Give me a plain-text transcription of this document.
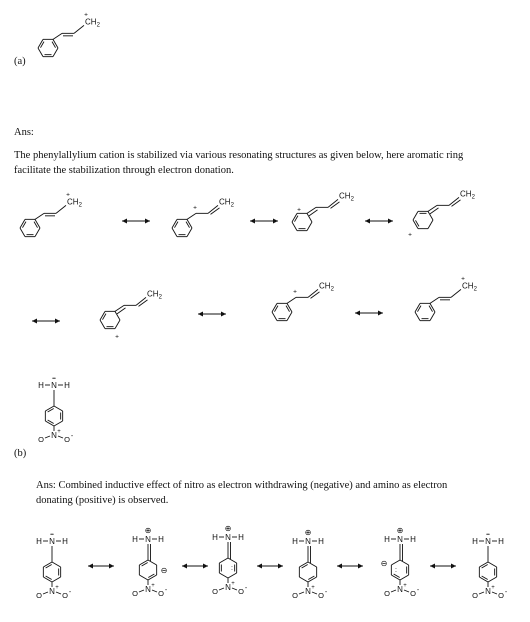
(a)
Ans:
The phenylallylium cation is stabilized via various resonating structures as given below, here aromatic ring facilitate the stabilization through electron donation.
(b)
Ans: Combined inductive effect of nitro as electron withdrawing (negative) and amino as electron donating (positive) is observed.
$CH_2$
+
$CH_2$
+
$CH_2$
+
$CH_2$
+
$CH_2$
+
$CH_2$
+
$CH_2$
+
$CH_2$
+
H N H
••
N +
O	O -
H N H
••
N +
O	O -
H N H
⊕
⊖
N +
O	O -
H N H
⊕
:
N +
O	O -
H N H
⊕
N +
O	O -
H N H
⊕
⊖
:
N +
O	O -
H N H
••
N +
O	O -
